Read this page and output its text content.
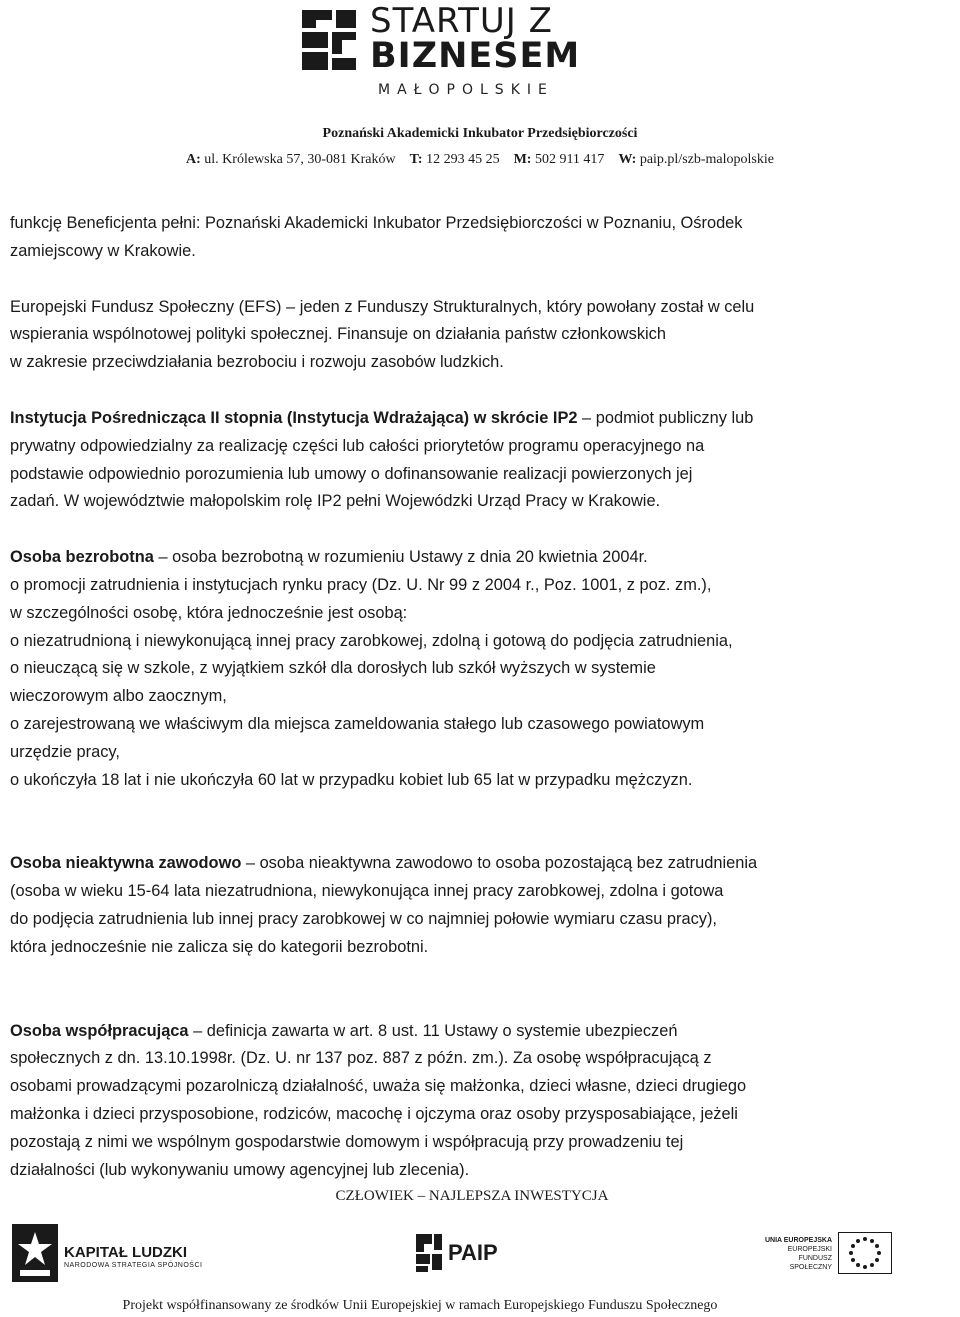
STARTUJ Z
BIZNESEM
MAŁOPOLSKIE
Poznański Akademicki Inkubator Przedsiębiorczości
A: ul. Królewska 57, 30-081 Kraków T: 12 293 45 25 M: 502 911 417 W: paip.pl/szb-malopolskie

funkcję Beneficjenta pełni: Poznański Akademicki Inkubator Przedsiębiorczości w Poznaniu, Ośrodek
zamiejscowy w Krakowie.

Europejski Fundusz Społeczny (EFS) – jeden z Funduszy Strukturalnych, który powołany został w celu
wspierania wspólnotowej polityki społecznej. Finansuje on działania państw członkowskich
w zakresie przeciwdziałania bezrobociu i rozwoju zasobów ludzkich.

Instytucja Pośrednicząca II stopnia (Instytucja Wdrażająca) w skrócie IP2 – podmiot publiczny lub
prywatny odpowiedzialny za realizację części lub całości priorytetów programu operacyjnego na
podstawie odpowiednio porozumienia lub umowy o dofinansowanie realizacji powierzonych jej
zadań. W województwie małopolskim rolę IP2 pełni Wojewódzki Urząd Pracy w Krakowie.

Osoba bezrobotna – osoba bezrobotną w rozumieniu Ustawy z dnia 20 kwietnia 2004r.
o promocji zatrudnienia i instytucjach rynku pracy (Dz. U. Nr 99 z 2004 r., Poz. 1001, z poz. zm.),
w szczególności osobę, która jednocześnie jest osobą:
o niezatrudnioną i niewykonującą innej pracy zarobkowej, zdolną i gotową do podjęcia zatrudnienia,
o nieuczącą się w szkole, z wyjątkiem szkół dla dorosłych lub szkół wyższych w systemie
wieczorowym albo zaocznym,
o zarejestrowaną we właściwym dla miejsca zameldowania stałego lub czasowego powiatowym
urzędzie pracy,
o ukończyła 18 lat i nie ukończyła 60 lat w przypadku kobiet lub 65 lat w przypadku mężczyzn.

Osoba nieaktywna zawodowo – osoba nieaktywna zawodowo to osoba pozostającą bez zatrudnienia
(osoba w wieku 15-64 lata niezatrudniona, niewykonująca innej pracy zarobkowej, zdolna i gotowa
do podjęcia zatrudnienia lub innej pracy zarobkowej w co najmniej połowie wymiaru czasu pracy),
która jednocześnie nie zalicza się do kategorii bezrobotni.

Osoba współpracująca – definicja zawarta w art. 8 ust. 11 Ustawy o systemie ubezpieczeń
społecznych z dn. 13.10.1998r. (Dz. U. nr 137 poz. 887 z późn. zm.). Za osobę współpracującą z
osobami prowadzącymi pozarolniczą działalność, uważa się małżonka, dzieci własne, dzieci drugiego
małżonka i dzieci przysposobione, rodziców, macochę i ojczyma oraz osoby przysposabiające, jeżeli
pozostają z nimi we wspólnym gospodarstwie domowym i współpracują przy prowadzeniu tej
działalności (lub wykonywaniu umowy agencyjnej lub zlecenia).

CZŁOWIEK – NAJLEPSZA INWESTYCJA
KAPITAŁ LUDZKI
NARODOWA STRATEGIA SPÓJNOŚCI
PAIP	UNIA EUROPEJSKA
EUROPEJSKI
FUNDUSZ SPOŁECZNY
Projekt współfinansowany ze środków Unii Europejskiej w ramach Europejskiego Funduszu Społecznego
